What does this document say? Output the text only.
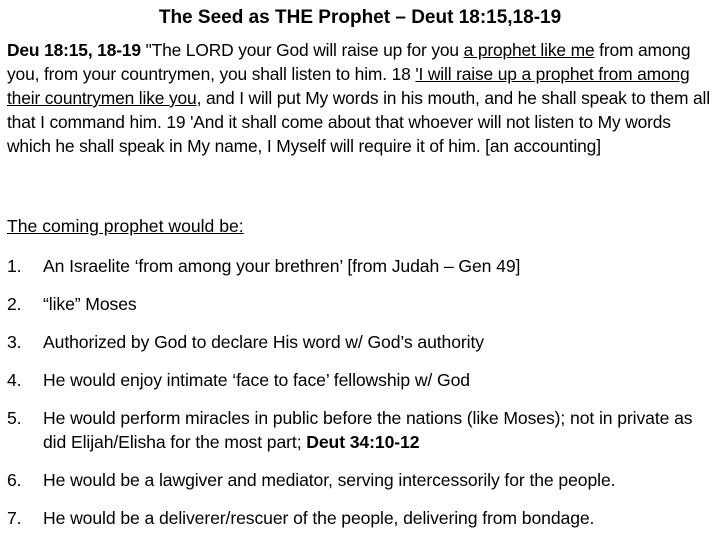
The Seed as THE Prophet – Deut 18:15,18-19
Deu 18:15, 18-19 "The LORD your God will raise up for you a prophet like me from among you, from your countrymen, you shall listen to him. 18 'I will raise up a prophet from among their countrymen like you, and I will put My words in his mouth, and he shall speak to them all that I command him. 19 'And it shall come about that whoever will not listen to My words which he shall speak in My name, I Myself will require it of him. [an accounting]
The coming prophet would be:
1. An Israelite ‘from among your brethren’ [from Judah – Gen 49]
2. “like” Moses
3. Authorized by God to declare His word w/ God’s authority
4. He would enjoy intimate ‘face to face’ fellowship w/ God
5. He would perform miracles in public before the nations (like Moses); not in private as did Elijah/Elisha for the most part; Deut 34:10-12
6. He would be a lawgiver and mediator, serving intercessorily for the people.
7. He would be a deliverer/rescuer of the people, delivering from bondage.
